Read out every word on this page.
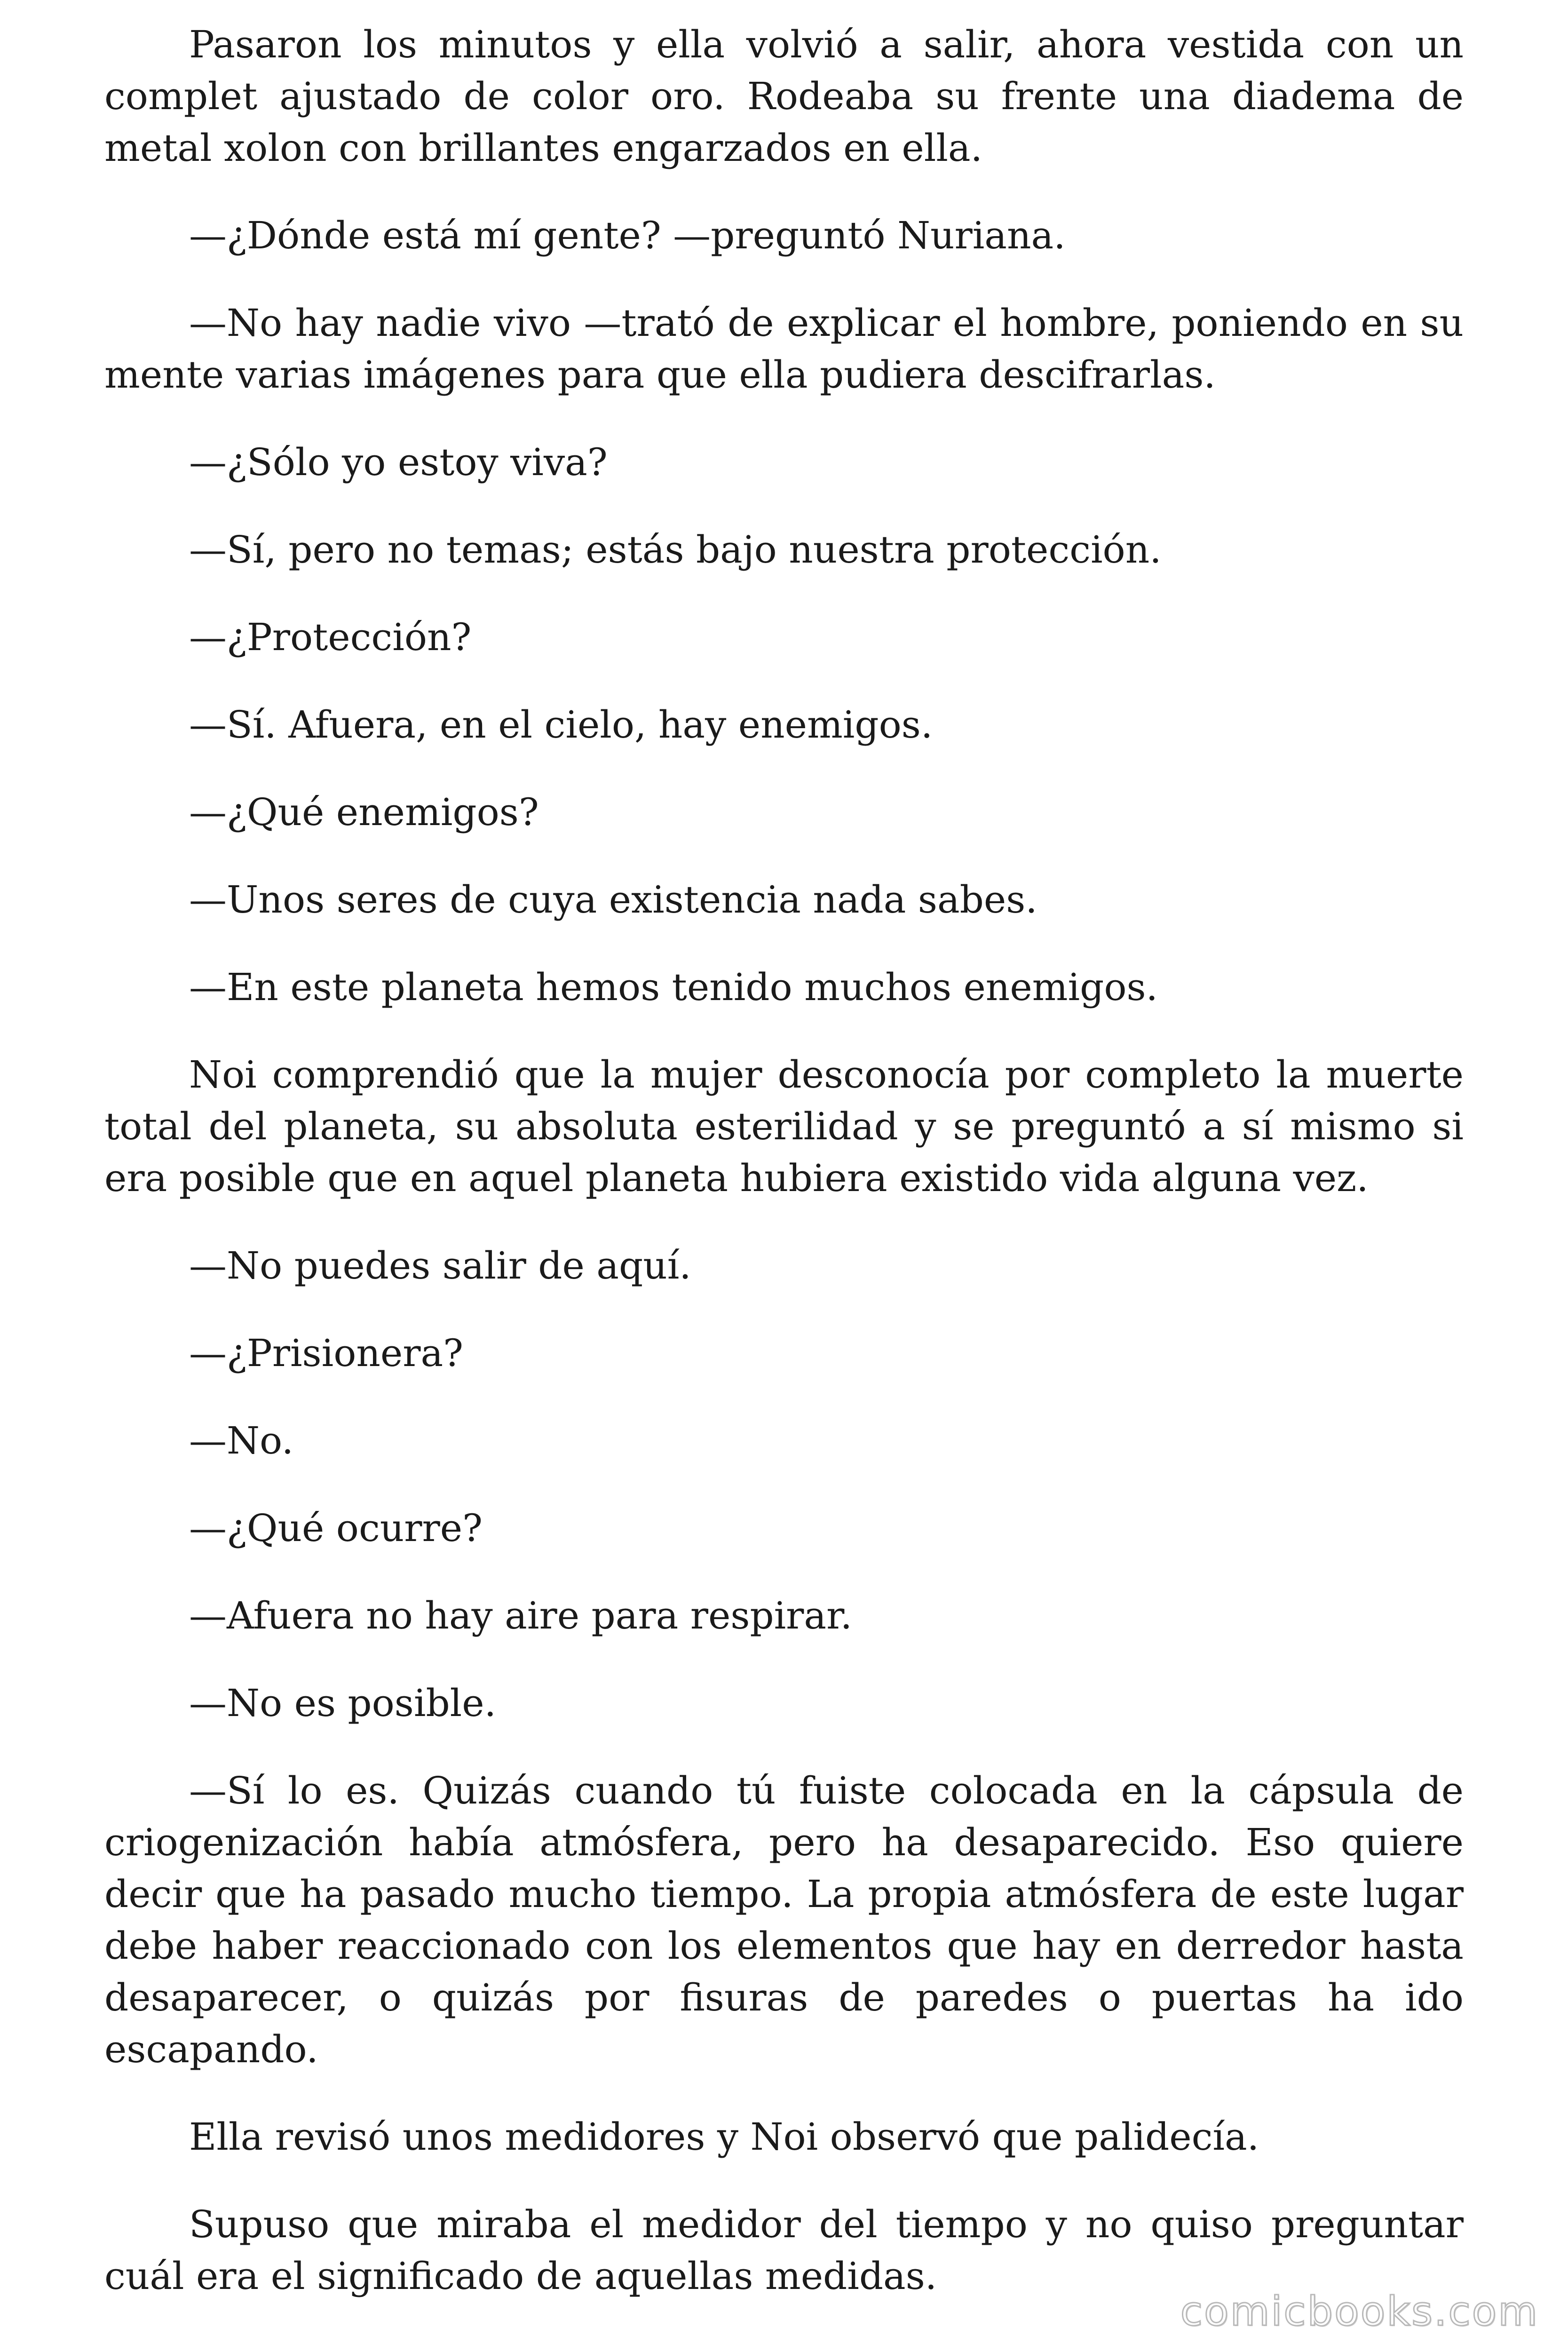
Pasaron los minutos y ella volvió a salir, ahora vestida con un complet ajustado de color oro. Rodeaba su frente una diadema de metal xolon con brillantes engarzados en ella.

—¿Dónde está mí gente? —preguntó Nuriana.

—No hay nadie vivo —trató de explicar el hombre, poniendo en su mente varias imágenes para que ella pudiera descifrarlas.

—¿Sólo yo estoy viva?

—Sí, pero no temas; estás bajo nuestra protección.

—¿Protección?

—Sí. Afuera, en el cielo, hay enemigos.

—¿Qué enemigos?

—Unos seres de cuya existencia nada sabes.

—En este planeta hemos tenido muchos enemigos.

Noi comprendió que la mujer desconocía por completo la muerte total del planeta, su absoluta esterilidad y se preguntó a sí mismo si era posible que en aquel planeta hubiera existido vida alguna vez.

—No puedes salir de aquí.

—¿Prisionera?

—No.

—¿Qué ocurre?

—Afuera no hay aire para respirar.

—No es posible.

—Sí lo es. Quizás cuando tú fuiste colocada en la cápsula de criogenización había atmósfera, pero ha desaparecido. Eso quiere decir que ha pasado mucho tiempo. La propia atmósfera de este lugar debe haber reaccionado con los elementos que hay en derredor hasta desaparecer, o quizás por fisuras de paredes o puertas ha ido escapando.

Ella revisó unos medidores y Noi observó que palidecía.

Supuso que miraba el medidor del tiempo y no quiso preguntar cuál era el significado de aquellas medidas.

comicbooks.com
